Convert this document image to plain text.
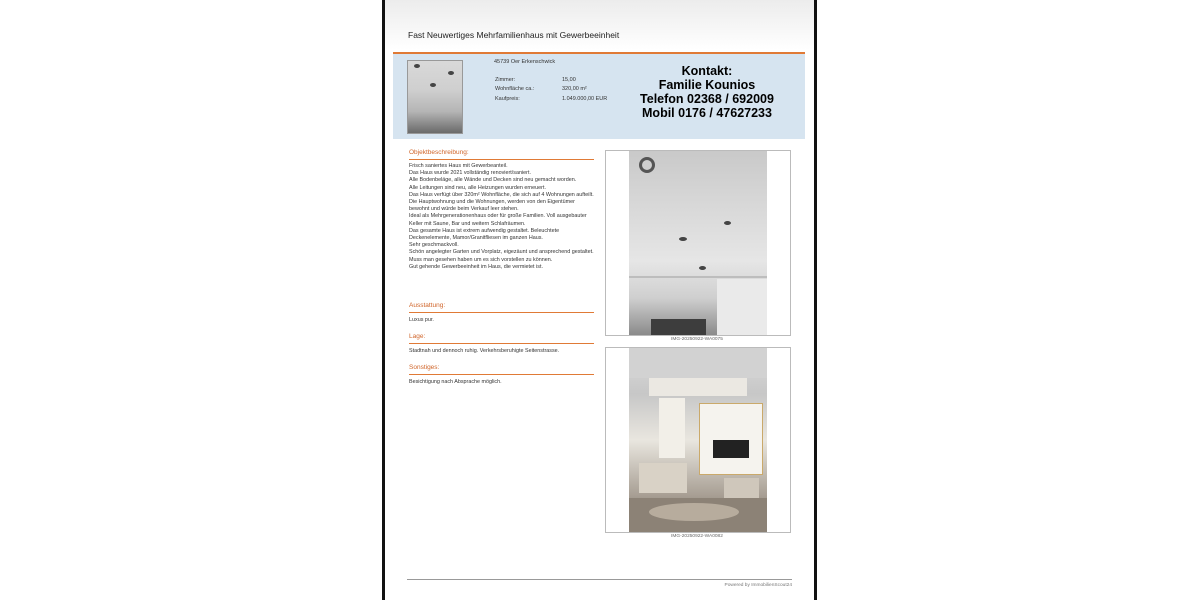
Fast Neuwertiges Mehrfamilienhaus mit Gewerbeeinheit
45739 Oer Erkenschwick
Zimmer:	15,00
Wohnfläche ca.:	320,00 m²
Kaufpreis:	1.049.000,00 EUR
Kontakt:
Familie Kounios
Telefon 02368 / 692009
Mobil 0176 / 47627233
Objektbeschreibung:
Frisch saniertes Haus mit Gewerbeanteil.
Das Haus wurde 2021 vollständig renoviert/saniert.
Alle Bodenbeläge, alle Wände und Decken sind neu gemacht worden.
Alle Leitungen sind neu, alle Heizungen wurden erneuert.
Das Haus verfügt über 320m² Wohnfläche, die sich auf 4 Wohnungen aufteilt.
Die Hauptwohnung und die Wohnungen, werden von den Eigentümer bewohnt und würde beim Verkauf leer stehen.
Ideal als Mehrgenerationenhaus oder für große Familien. Voll ausgebauter Keller mit Saune, Bar und weitern Schlafräumen.
Das gesamte Haus ist extrem aufwendig gestaltet. Beleuchtete Deckenelemente, Mamor/Granitfliesen im ganzen Haus.
Sehr geschmackvoll.
Schön angelegter Garten und Vorplatz, eigezäunt und ansprechend gestaltet.
Muss man gesehen haben um es sich vorstellen zu können.
Gut gehende Gewerbeeinheit im Haus, die vermietet ist.
Ausstattung:
Luxus pur.
Lage:
Stadtnah und dennoch ruhig. Verkehrsberuhigte Seitenstrasse.
Sonstiges:
Besichtigung nach Absprache möglich.
IMG-20250922-WA0075
IMG-20250922-WA0082
Powered by ImmobilienScout24
